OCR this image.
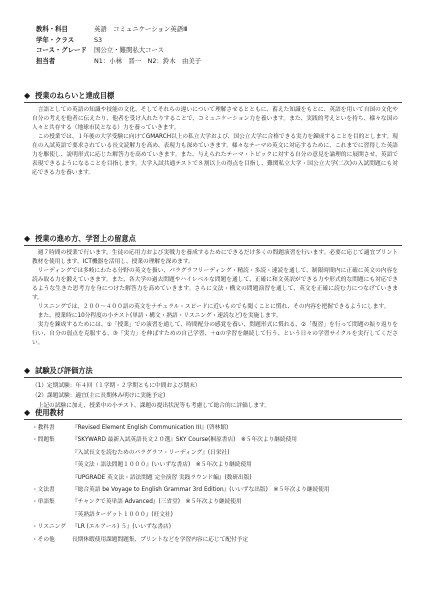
教科・科目	英語　コミュニケーション英語Ⅲ
学年・クラス	S3
コース・グレード	国公立・難関私大コース
担当者	N1：小林　晋一　N2：鈴木　由美子
◆ 授業のねらいと達成目標

言語としての英語の知識や技能の文化、そしてそれらの違いについて理解させるとともに、蓄えた知識をもとに、英語を用いて自国の文化や自分の考えを他者に伝えたり、他者を受け入れたりすることで、コミュニケーション力を養います。また、実践的考えといを持ち、様々な国の人々と共存する（地球市民となる）力を養っていきます。

この授業では、１年後の大学受験に向けてGMARCH以上の私立大学および、国公立大学に合格できる実力を錬成することを目的とします。現在の入試英語で要求されている長文読解力を高め、表現力も深めていきます。様々なテーマの英文に対応するために、これまでに習得した英語力を駆使し、説明形式に応じた解答力を高めていきます。また、与えられたテーマ・トピックに対する自分の意見を論理的に展開させ、英語で表現できるようになることを目指します。大学入試共通テストで８割以上の得点を目指し、難関私立大学・国公立大学(二次)の入試問題にも対応できる力を養います。

◆ 授業の進め方、学習上の留意点

週７時間の授業で行います。生徒の応用力および実戦力を養成するためにできるだけ多くの問題演習を行います。必要に応じて適宜プリント教材を使用します。ICT機器を活用し、授業の理解を深めます。

リーディングでは多岐にわたる分野の英文を扱い、パラグラフリーディング・精読・多読・速読を通して、制限時間内に正確に英文の内容を読み取る力を鍛えていきます。また、各大学の過去問題やハイレベルな問題を通して、正確に和文英訳ができる力や形式的な問題にも対応できるような生きた思考力を身につけた解答力を高めていきます。さらに文法・構文の問題演習を通して、英文を正確に読む力につなげていきます。

リスニングでは、２００～４００語の英文をナチュラル・スピードに近いものでも聞くことに慣れ、その内容を把握できるようにします。

また、授業時に10分程度の小テスト(単語・構文・熟語・リスニング・速読など)を実施します。

実力を錬成するためには、①「授業」での演習を通して、時間配分の感覚を養い、問題形式に慣れる、②「復習」を行って問題の振り返りを行い、自分の弱点を克服する、③「実力」を伸ばすための自己学習、＋αの学習を継続して行う、という日々の学習サイクルを実行してください。

◆ 試験及び評価方法

（1）定期試験：年４回（１学期・２学期ともに中間および期末）

（2）課題試験：適宜(主に長期休み明けに実施予定)

　上記の試験に加え、授業中の小テスト、課題の提出状況等も考慮して総合的に評価します。

◆ 使用教材
・教科書	『Revised Element English Communication III』(啓林館)
・問題集	『SKYWARD 最新入試英語長文２０選』SKY Course(桐原書店)　※５年次より継続使用
『入試長文を読むためのパラグラフ・リーディング』(日栄社)
『英文法・語法問題１０００』(いいずな書店)　※５年次より継続使用
『UPGRADE 英文法・語法問題 完全演習 実践ラウンド編』(数研出版)
・文法書	『総合英語 be Voyage to English Grammar 3rd Edition』(いいずな出版)　※５年次より継続使用
・単語集	『チャンクで英単語 Advanced』(三省堂)　※５年次より継続使用
『英熟語ターゲット１０００』(旺文社)
・リスニング	『LR (エルアール) ５』(いいずな書店)
・その他	長期休暇使用課題問題集、プリントなどを学習内容に応じて配付予定
